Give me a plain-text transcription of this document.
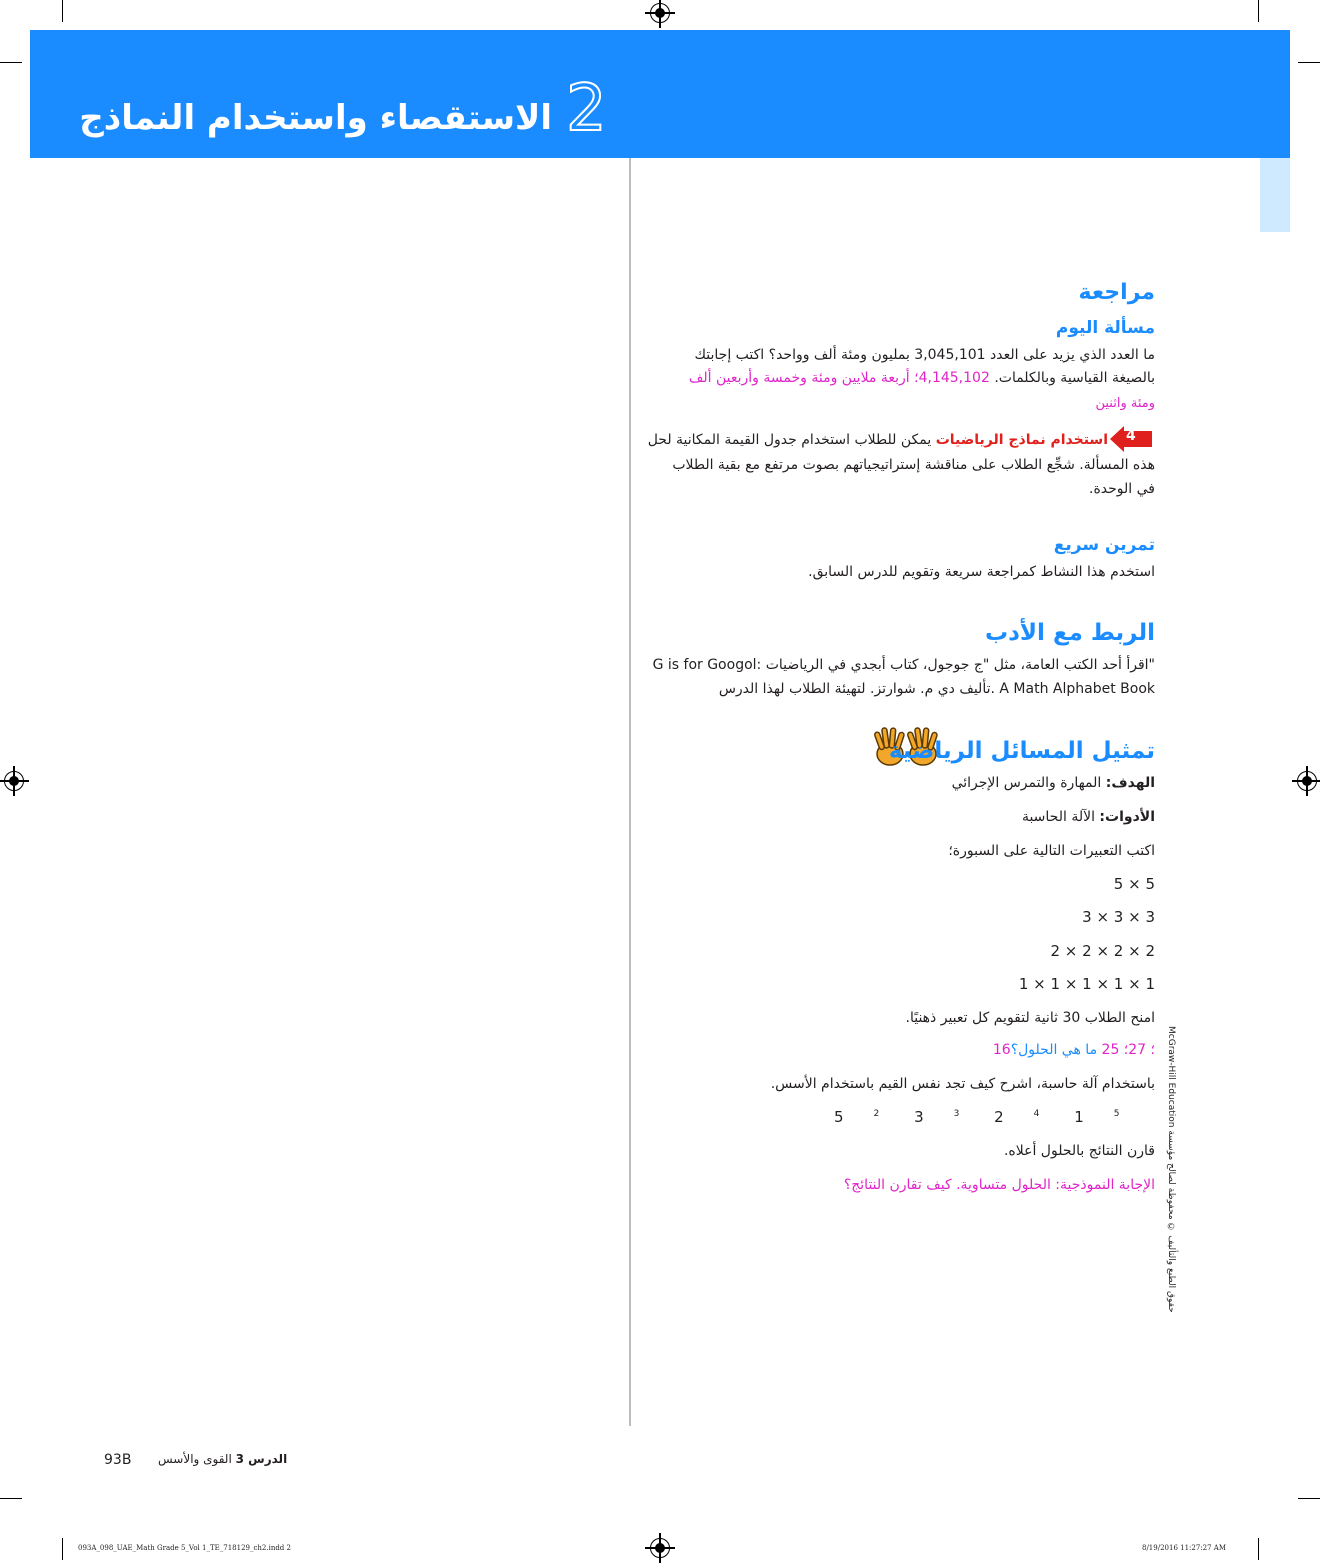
الاستقصاء واستخدام النماذج 2
مراجعة
مسألة اليوم
ما العدد الذي يزيد على العدد 3,045,101 بمليون ومئة ألف وواحد؟ اكتب إجابتك
بالصيغة القياسية وبالكلمات. 4,145,102؛ أربعة ملايين ومئة وخمسة وأربعين ألف
ومئة واثنين
4
استخدام نماذج الرياضيات يمكن للطلاب استخدام جدول القيمة المكانية لحل
هذه المسألة. شجِّع الطلاب على مناقشة إستراتيجياتهم بصوت مرتفع مع بقية الطلاب
في الوحدة.
تمرين سريع
استخدم هذا النشاط كمراجعة سريعة وتقويم للدرس السابق.
الربط مع الأدب
G is for Googol: اقرأ أحد الكتب العامة، مثل "ج جوجول، كتاب أبجدي في الرياضيات"
تأليف دي م. شوارتز. لتهيئة الطلاب لهذا الدرس. A Math Alphabet Book
تمثيل المسائل الرياضية
الهدف: المهارة والتمرس الإجرائي
الأدوات: الآلة الحاسبة
اكتب التعبيرات التالية على السبورة؛
5 × 5
3 × 3 × 3
2 × 2 × 2 × 2
1 × 1 × 1 × 1 × 1
امنح الطلاب 30 ثانية لتقويم كل تعبير ذهنيًا.
16؛ 27؛ 25 ما هي الحلول؟
باستخدام آلة حاسبة، اشرح كيف تجد نفس القيم باستخدام الأسس.
5	$^2$ 3	$^3$ 2	$^4$ 1	$^5$
قارن النتائج بالحلول أعلاه.
الإجابة النموذجية: الحلول متساوية. كيف تقارن النتائج؟
McGraw-Hill Education حقوق الطبع والتأليف © محفوظة لصالح مؤسسة
93B	الدرس 3 القوى والأسس
093A_098_UAE_Math Grade 5_Vol 1_TE_718129_ch2.indd 2	8/19/2016 11:27:27 AM
